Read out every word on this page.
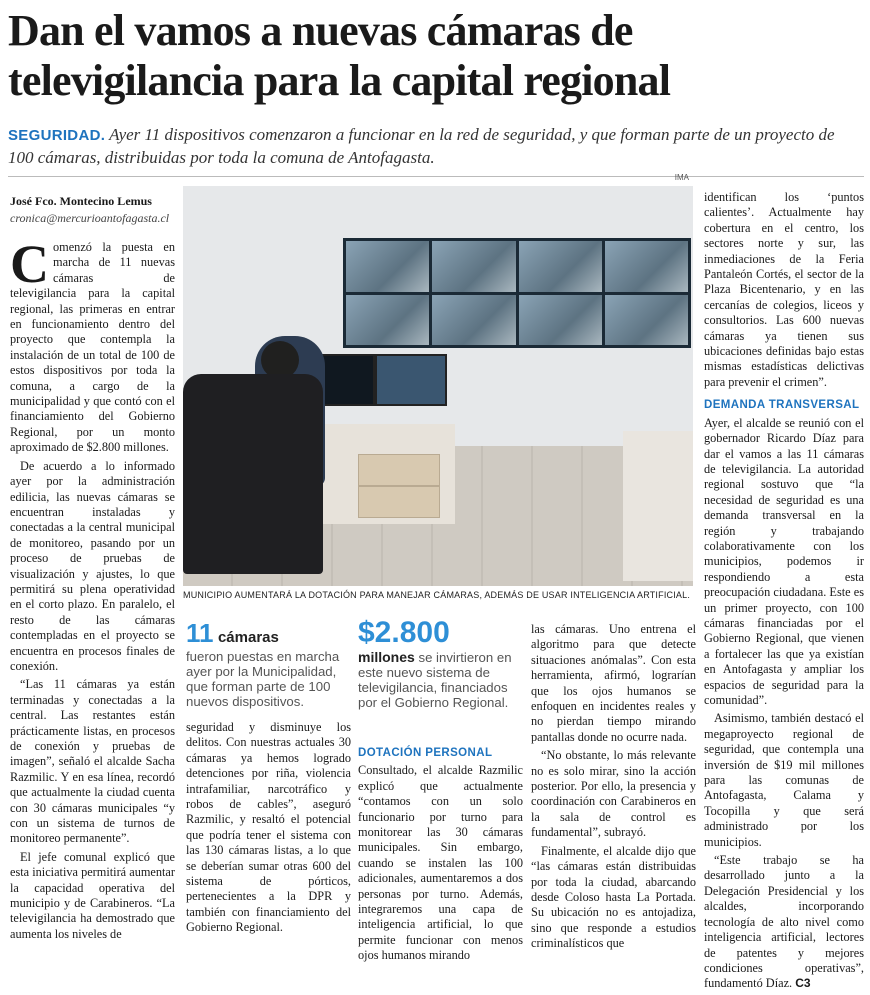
Dan el vamos a nuevas cámaras de televigilancia para la capital regional
SEGURIDAD. Ayer 11 dispositivos comenzaron a funcionar en la red de seguridad, y que forman parte de un proyecto de 100 cámaras, distribuidas por toda la comuna de Antofagasta.
José Fco. Montecino Lemus
cronica@mercurioantofagasta.cl

Comenzó la puesta en marcha de 11 nuevas cámaras de televigilancia para la capital regional, las primeras en entrar en funcionamiento dentro del proyecto que contempla la instalación de un total de 100 de estos dispositivos por toda la comuna, a cargo de la municipalidad y que contó con el financiamiento del Gobierno Regional, por un monto aproximado de $2.800 millones.

De acuerdo a lo informado ayer por la administración edilicia, las nuevas cámaras se encuentran instaladas y conectadas a la central municipal de monitoreo, pasando por un proceso de pruebas de visualización y ajustes, lo que permitirá su plena operatividad en el corto plazo. En paralelo, el resto de las cámaras contempladas en el proyecto se encuentra en procesos finales de conexión.

“Las 11 cámaras ya están terminadas y conectadas a la central. Las restantes están prácticamente listas, en procesos de conexión y pruebas de imagen”, señaló el alcalde Sacha Razmilic. Y en esa línea, recordó que actualmente la ciudad cuenta con 30 cámaras municipales “y con un sistema de turnos de monitoreo permanente”.

El jefe comunal explicó que esta iniciativa permitirá aumentar la capacidad operativa del municipio y de Carabineros. “La televigilancia ha demostrado que aumenta los niveles de

IMA
MUNICIPIO AUMENTARÁ LA DOTACIÓN PARA MANEJAR CÁMARAS, ADEMÁS DE USAR INTELIGENCIA ARTIFICIAL.
11 cámaras
fueron puestas en marcha ayer por la Municipalidad, que forman parte de 100 nuevos dispositivos.
$2.800
millones se invirtieron en este nuevo sistema de televigilancia, financiados por el Gobierno Regional.

seguridad y disminuye los delitos. Con nuestras actuales 30 cámaras ya hemos logrado detenciones por riña, violencia intrafamiliar, narcotráfico y robos de cables”, aseguró Razmilic, y resaltó el potencial que podría tener el sistema con las 130 cámaras listas, a lo que se deberían sumar otras 600 del sistema de pórticos, pertenecientes a la DPR y también con financiamiento del Gobierno Regional.

DOTACIÓN PERSONAL

Consultado, el alcalde Razmilic explicó que actualmente “contamos con un solo funcionario por turno para monitorear las 30 cámaras municipales. Sin embargo, cuando se instalen las 100 adicionales, aumentaremos a dos personas por turno. Además, integraremos una capa de inteligencia artificial, lo que permite funcionar con menos ojos humanos mirando

las cámaras. Uno entrena el algoritmo para que detecte situaciones anómalas”. Con esta herramienta, afirmó, lograrían que los ojos humanos se enfoquen en incidentes reales y no pierdan tiempo mirando pantallas donde no ocurre nada.

“No obstante, lo más relevante no es solo mirar, sino la acción posterior. Por ello, la presencia y coordinación con Carabineros en la sala de control es fundamental”, subrayó.

Finalmente, el alcalde dijo que “las cámaras están distribuidas por toda la ciudad, abarcando desde Coloso hasta La Portada. Su ubicación no es antojadiza, sino que responde a estudios criminalísticos que

identifican los ‘puntos calientes’. Actualmente hay cobertura en el centro, los sectores norte y sur, las inmediaciones de la Feria Pantaleón Cortés, el sector de la Plaza Bicentenario, y en las cercanías de colegios, liceos y consultorios. Las 600 nuevas cámaras ya tienen sus ubicaciones definidas bajo estas mismas estadísticas delictivas para prevenir el crimen”.

DEMANDA TRANSVERSAL

Ayer, el alcalde se reunió con el gobernador Ricardo Díaz para dar el vamos a las 11 cámaras de televigilancia. La autoridad regional sostuvo que “la necesidad de seguridad es una demanda transversal en la región y trabajando colaborativamente con los municipios, podemos ir respondiendo a esta preocupación ciudadana. Este es un primer proyecto, con 100 cámaras financiadas por el Gobierno Regional, que vienen a fortalecer las que ya existían en Antofagasta y ampliar los espacios de seguridad para la comunidad”.

Asimismo, también destacó el megaproyecto regional de seguridad, que contempla una inversión de $19 mil millones para las comunas de Antofagasta, Calama y Tocopilla y que será administrado por los municipios.

“Este trabajo se ha desarrollado junto a la Delegación Presidencial y los alcaldes, incorporando tecnología de alto nivel como inteligencia artificial, lectores de patentes y mejores condiciones operativas”, fundamentó Díaz. C3
